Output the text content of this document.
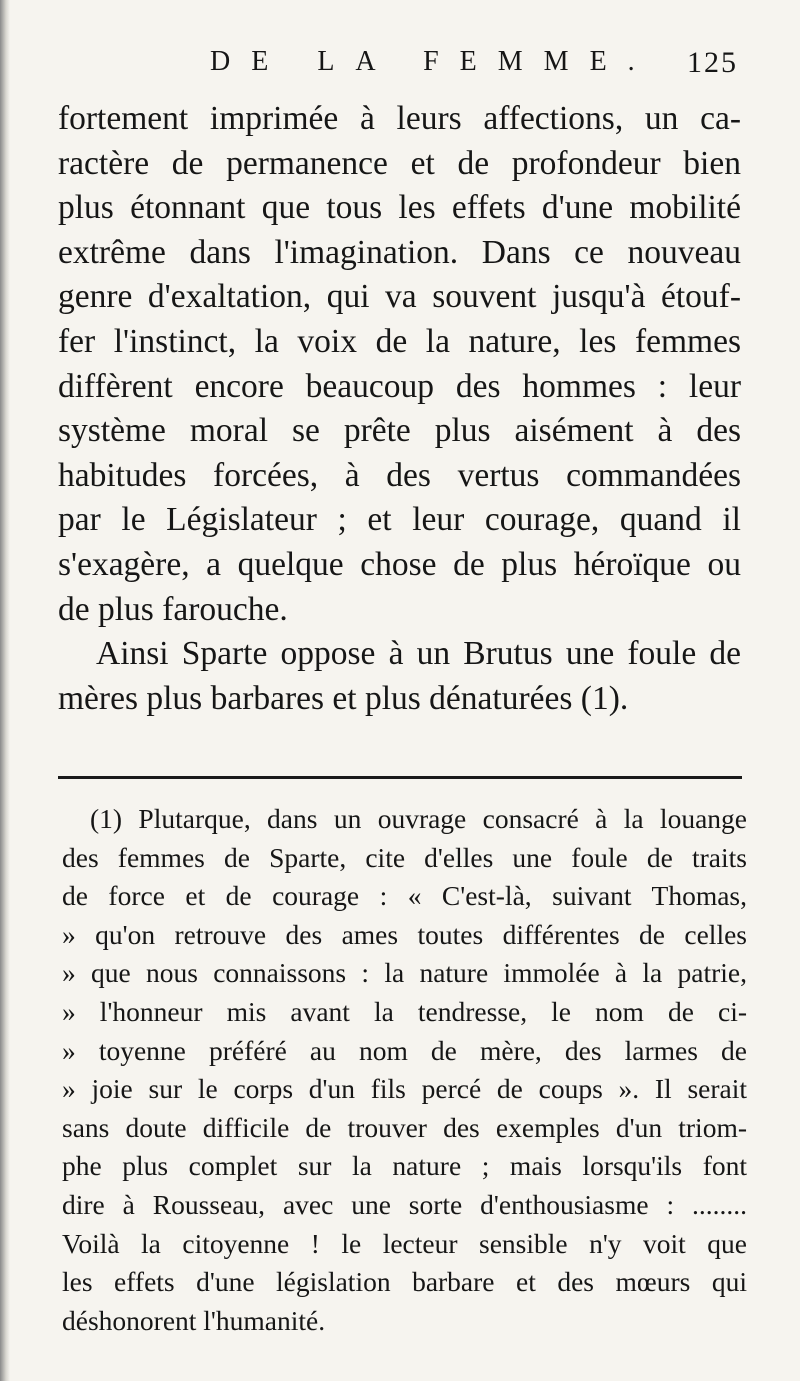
DE LA FEMME. 125
fortement imprimée à leurs affections, un ca-
ractère de permanence et de profondeur bien
plus étonnant que tous les effets d'une mobilité
extrême dans l'imagination. Dans ce nouveau
genre d'exaltation, qui va souvent jusqu'à étouf-
fer l'instinct, la voix de la nature, les femmes
diffèrent encore beaucoup des hommes : leur
système moral se prête plus aisément à des
habitudes forcées, à des vertus commandées
par le Législateur ; et leur courage, quand il
s'exagère, a quelque chose de plus héroïque ou
de plus farouche.
Ainsi Sparte oppose à un Brutus une foule de
mères plus barbares et plus dénaturées (1).
(1) Plutarque, dans un ouvrage consacré à la louange
des femmes de Sparte, cite d'elles une foule de traits
de force et de courage : « C'est-là, suivant Thomas,
» qu'on retrouve des ames toutes différentes de celles
» que nous connaissons : la nature immolée à la patrie,
» l'honneur mis avant la tendresse, le nom de ci-
» toyenne préféré au nom de mère, des larmes de
» joie sur le corps d'un fils percé de coups ». Il serait
sans doute difficile de trouver des exemples d'un triom-
phe plus complet sur la nature ; mais lorsqu'ils font
dire à Rousseau, avec une sorte d'enthousiasme : ........
Voilà la citoyenne ! le lecteur sensible n'y voit que
les effets d'une législation barbare et des mœurs qui
déshonorent l'humanité.
